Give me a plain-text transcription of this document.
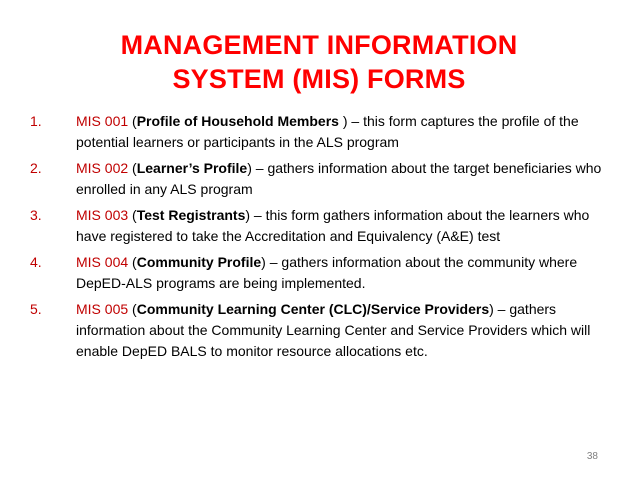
MANAGEMENT INFORMATION
SYSTEM (MIS) FORMS
1.	MIS 001 (Profile of Household Members ) – this form captures the profile of the potential learners or participants in the ALS program
2.	MIS 002 (Learner’s Profile) – gathers information about the target beneficiaries who enrolled in any ALS program
3.	MIS 003 (Test Registrants) – this form gathers information about the learners who have registered to take the Accreditation and Equivalency (A&E) test
4.	MIS 004 (Community Profile) – gathers information about the community where DepED-ALS programs are being implemented.
5.	MIS 005 (Community Learning Center (CLC)/Service Providers) – gathers information about the Community Learning Center and Service Providers which will enable DepED BALS to monitor resource allocations etc.
38
